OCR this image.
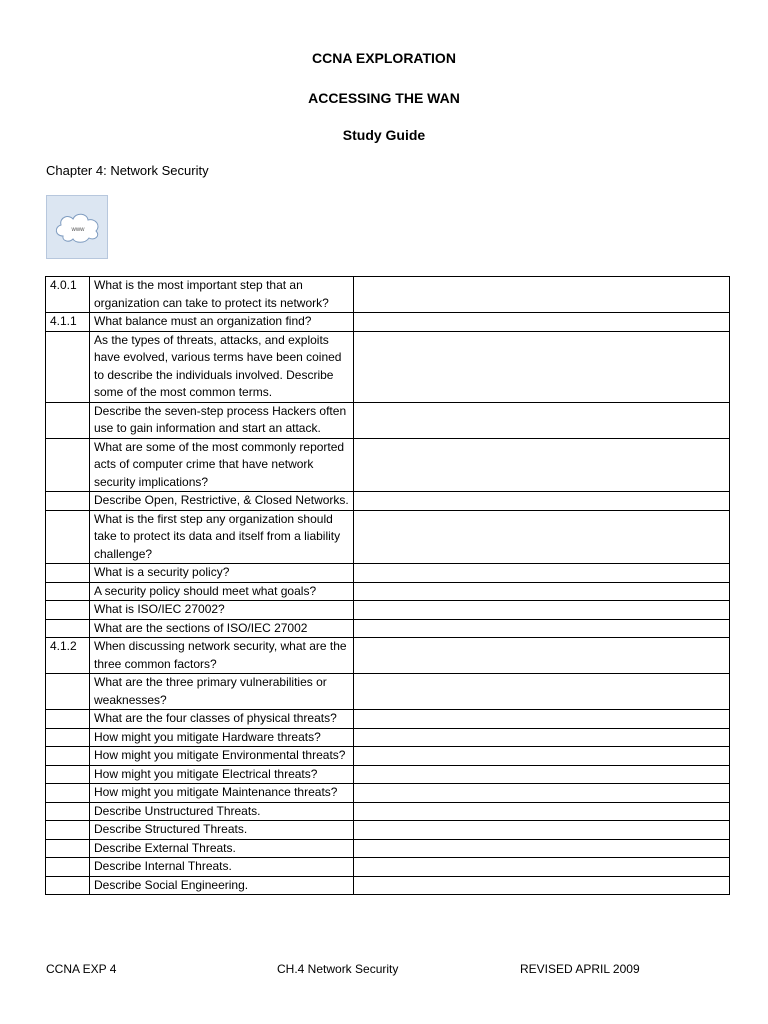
CCNA EXPLORATION
ACCESSING THE WAN
Study Guide
Chapter 4: Network Security
www
4.0.1	What is the most important step that an organization can take to protect its network?	
4.1.1	What balance must an organization find?	
	As the types of threats, attacks, and exploits have evolved, various terms have been coined to describe the individuals involved. Describe some of the most common terms.	
	Describe the seven-step process Hackers often use to gain information and start an attack.	
	What are some of the most commonly reported acts of computer crime that have network security implications?	
	Describe Open, Restrictive, & Closed Networks.	
	What is the first step any organization should take to protect its data and itself from a liability challenge?	
	What is a security policy?	
	A security policy should meet what goals?	
	What is ISO/IEC 27002?	
	What are the sections of ISO/IEC 27002	
4.1.2	When discussing network security, what are the three common factors?	
	What are the three primary vulnerabilities or weaknesses?	
	What are the four classes of physical threats?	
	How might you mitigate Hardware threats?	
	How might you mitigate Environmental threats?	
	How might you mitigate Electrical threats?	
	How might you mitigate Maintenance threats?	
	Describe Unstructured Threats.	
	Describe Structured Threats.	
	Describe External Threats.	
	Describe Internal Threats.	
	Describe Social Engineering.	
CCNA EXP 4	CH.4 Network Security	REVISED APRIL 2009
